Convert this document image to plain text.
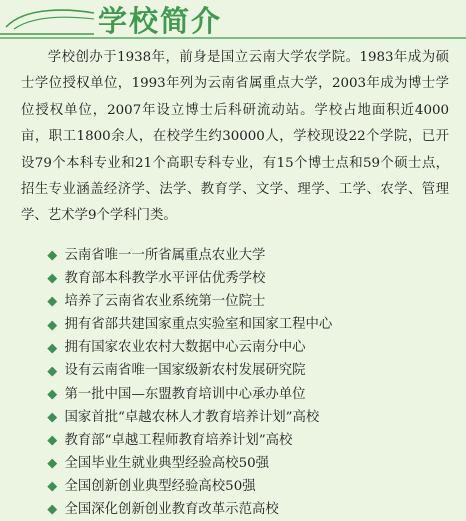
学校简介

学校创办于1938年，前身是国立云南大学农学院。1983年成为硕士学位授权单位，1993年列为云南省属重点大学，2003年成为博士学位授权单位，2007年设立博士后科研流动站。学校占地面积近4000亩，职工1800余人，在校学生约30000人，学校现设22个学院，已开设79个本科专业和21个高职专科专业，有15个博士点和59个硕士点，招生专业涵盖经济学、法学、教育学、文学、理学、工学、农学、管理学、艺术学9个学科门类。

云南省唯一一所省属重点农业大学
教育部本科教学水平评估优秀学校
培养了云南省农业系统第一位院士
拥有省部共建国家重点实验室和国家工程中心
拥有国家农业农村大数据中心云南分中心
设有云南省唯一国家级新农村发展研究院
第一批中国—东盟教育培训中心承办单位
国家首批“卓越农林人才教育培养计划”高校
教育部“卓越工程师教育培养计划”高校
全国毕业生就业典型经验高校50强
全国创新创业典型经验高校50强
全国深化创新创业教育改革示范高校
